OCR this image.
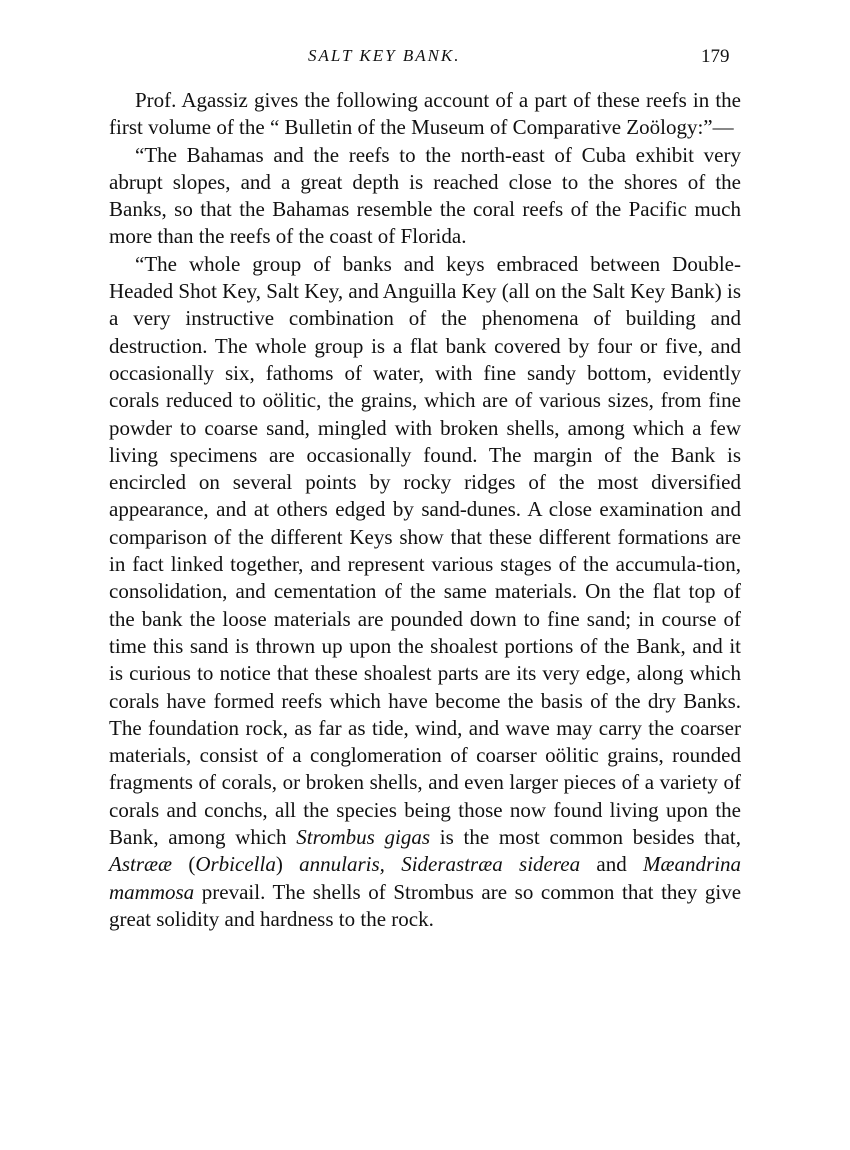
SALT KEY BANK.	179

Prof. Agassiz gives the following account of a part of these reefs in the first volume of the “ Bulletin of the Museum of Comparative Zoölogy:”—

“The Bahamas and the reefs to the north-east of Cuba exhibit very abrupt slopes, and a great depth is reached close to the shores of the Banks, so that the Bahamas resemble the coral reefs of the Pacific much more than the reefs of the coast of Florida.

“The whole group of banks and keys embraced between Double-Headed Shot Key, Salt Key, and Anguilla Key (all on the Salt Key Bank) is a very instructive combination of the phenomena of building and destruction. The whole group is a flat bank covered by four or five, and occasionally six, fathoms of water, with fine sandy bottom, evidently corals reduced to oölitic, the grains, which are of various sizes, from fine powder to coarse sand, mingled with broken shells, among which a few living specimens are occasionally found. The margin of the Bank is encircled on several points by rocky ridges of the most diversified appearance, and at others edged by sand-dunes. A close examination and comparison of the different Keys show that these different formations are in fact linked together, and represent various stages of the accumula-tion, consolidation, and cementation of the same materials. On the flat top of the bank the loose materials are pounded down to fine sand; in course of time this sand is thrown up upon the shoalest portions of the Bank, and it is curious to notice that these shoalest parts are its very edge, along which corals have formed reefs which have become the basis of the dry Banks. The foundation rock, as far as tide, wind, and wave may carry the coarser materials, consist of a conglomeration of coarser oölitic grains, rounded fragments of corals, or broken shells, and even larger pieces of a variety of corals and conchs, all the species being those now found living upon the Bank, among which Strombus gigas is the most common besides that, Astrææ (Orbicella) annularis, Siderastræa siderea and Mæandrina mammosa prevail. The shells of Strombus are so common that they give great solidity and hardness to the rock.
